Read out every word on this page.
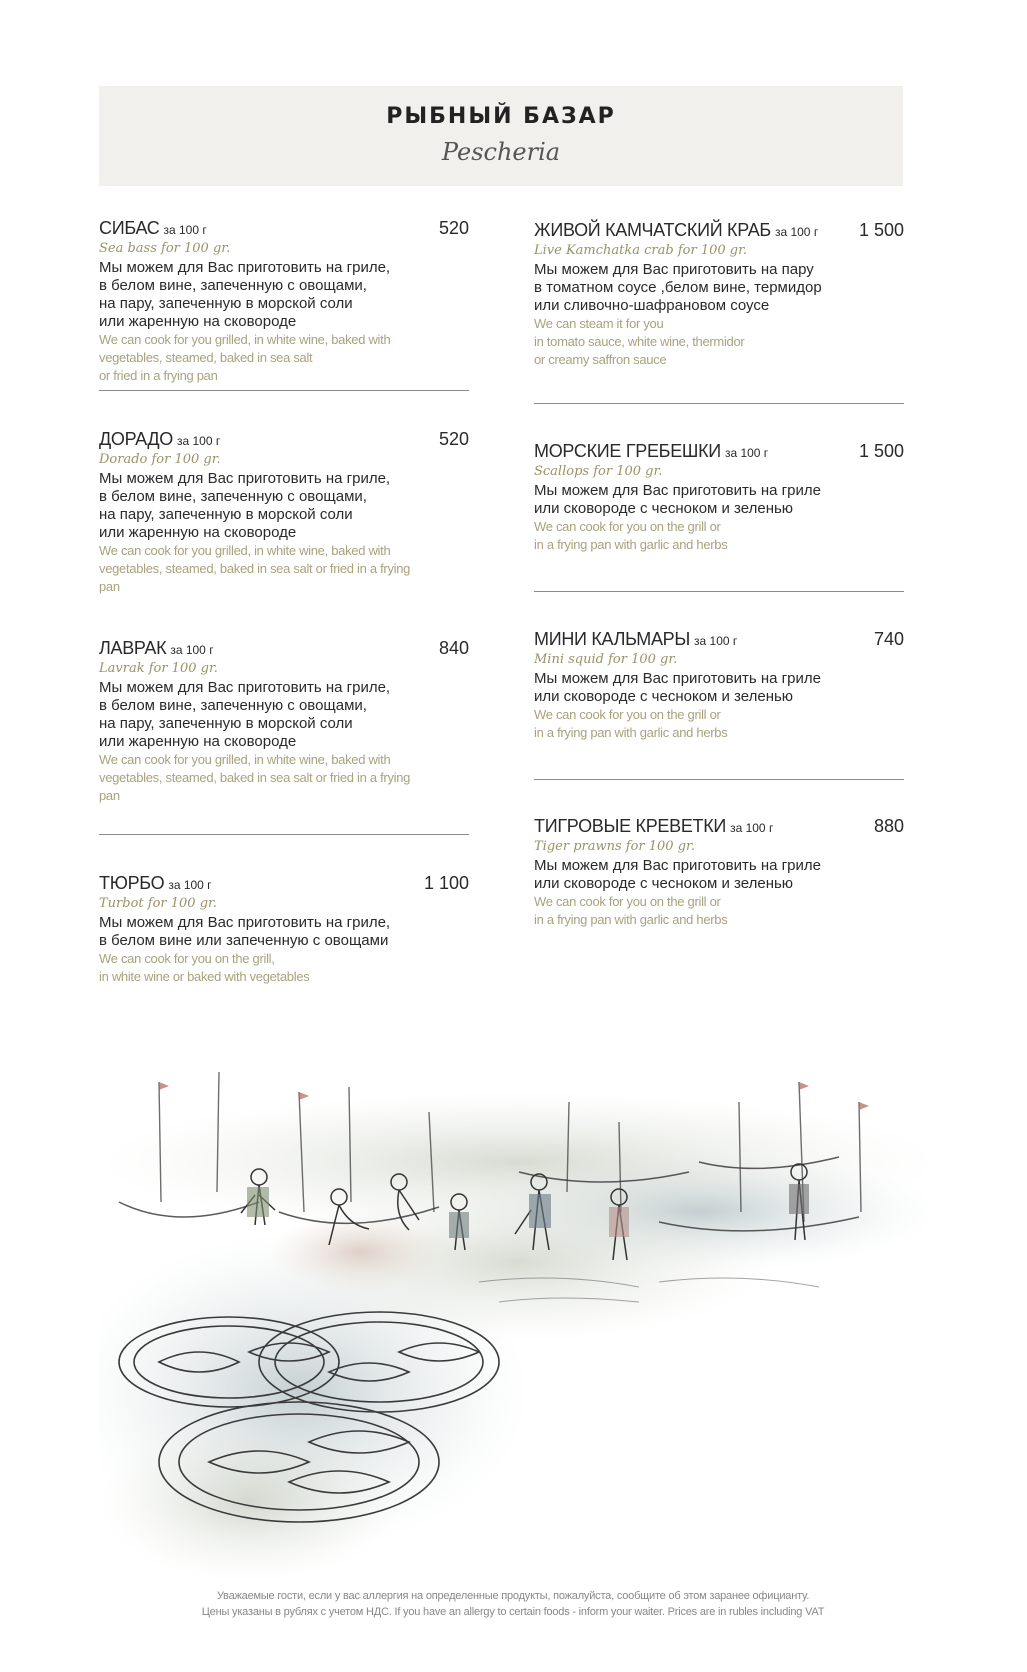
РЫБНЫЙ БАЗАР
Pescheria
СИБАС за 100 г	520
Sea bass for 100 gr.
Мы можем для Вас приготовить на гриле,
в белом вине, запеченную с овощами,
на пару, запеченную в морской соли
или жаренную на сковороде
We can cook for you grilled, in white wine, baked with
vegetables, steamed, baked in sea salt
or fried in a frying pan
ДОРАДО за 100 г	520
Dorado for 100 gr.
Мы можем для Вас приготовить на гриле,
в белом вине, запеченную с овощами,
на пару, запеченную в морской соли
или жаренную на сковороде
We can cook for you grilled, in white wine, baked with
vegetables, steamed, baked in sea salt or fried in a frying
pan
ЛАВРАК за 100 г	840
Lavrak for 100 gr.
Мы можем для Вас приготовить на гриле,
в белом вине, запеченную с овощами,
на пару, запеченную в морской соли
или жаренную на сковороде
We can cook for you grilled, in white wine, baked with
vegetables, steamed, baked in sea salt or fried in a frying
pan
ТЮРБО за 100 г	1 100
Turbot for 100 gr.
Мы можем для Вас приготовить на гриле,
в белом вине или запеченную с овощами
We can cook for you on the grill,
in white wine or baked with vegetables
ЖИВОЙ КАМЧАТСКИЙ КРАБ за 100 г 1 500
Live Kamchatka crab for 100 gr.
Мы можем для Вас приготовить на пару
в томатном соусе ,белом вине, термидор
или сливочно-шафрановом соусе
We can steam it for you
in tomato sauce, white wine, thermidor
or creamy saffron sauce
МОРСКИЕ ГРЕБЕШКИ за 100 г	1 500
Scallops for 100 gr.
Мы можем для Вас приготовить на гриле
или сковороде с чесноком и зеленью
We can cook for you on the grill or
in a frying pan with garlic and herbs
МИНИ КАЛЬМАРЫ за 100 г	740
Mini squid for 100 gr.
Мы можем для Вас приготовить на гриле
или сковороде с чесноком и зеленью
We can cook for you on the grill or
in a frying pan with garlic and herbs
ТИГРОВЫЕ КРЕВЕТКИ за 100 г	880
Tiger prawns for 100 gr.
Мы можем для Вас приготовить на гриле
или сковороде с чесноком и зеленью
We can cook for you on the grill or
in a frying pan with garlic and herbs
Уважаемые гости, если у вас аллергия на определенные продукты, пожалуйста, сообщите об этом заранее официанту.
Цены указаны в рублях с учетом НДС. If you have an allergy to certain foods - inform your waiter. Prices are in rubles including VAT
